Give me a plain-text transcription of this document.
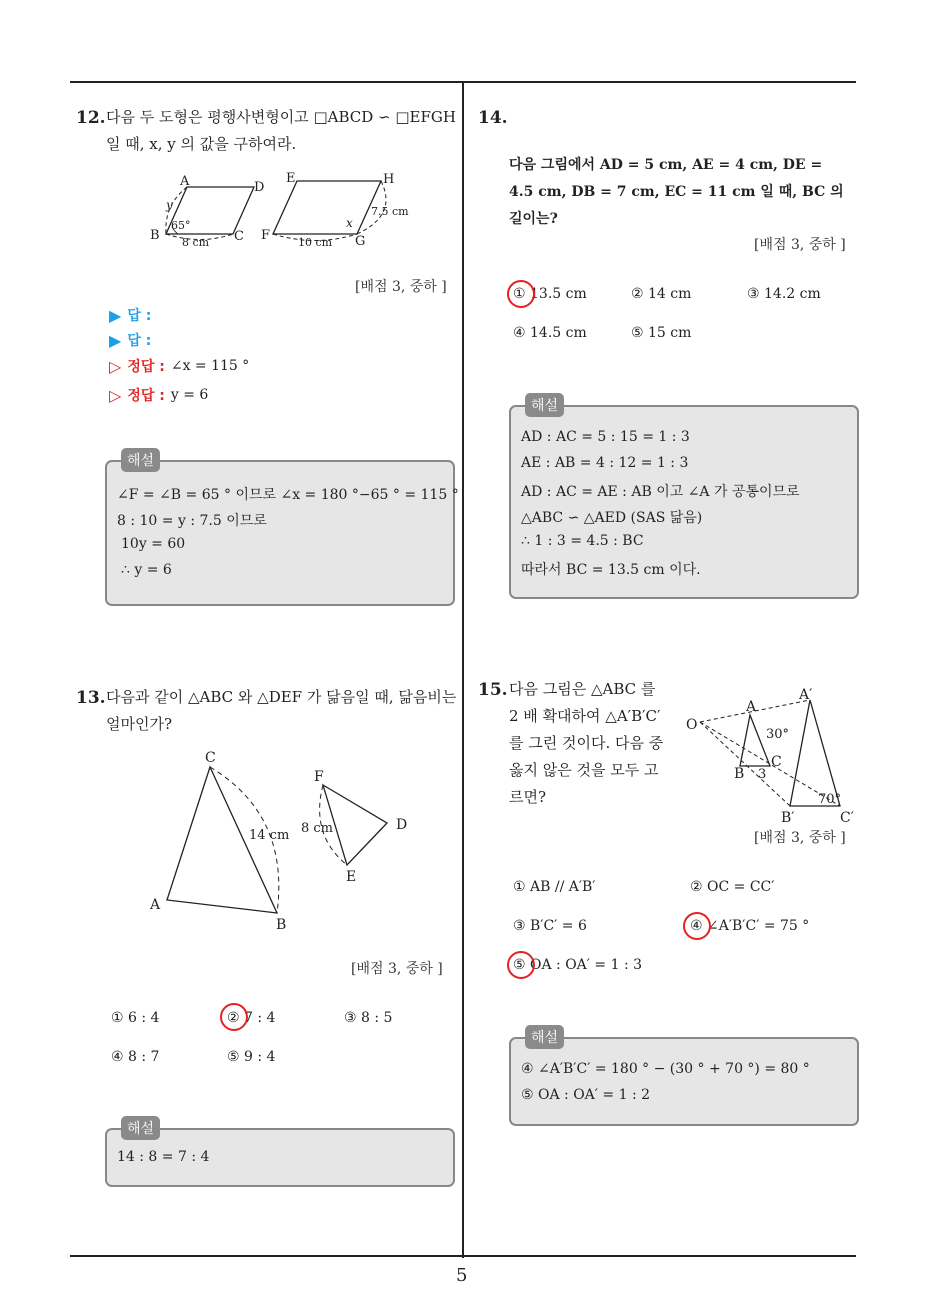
5
12. 다음 두 도형은 평행사변형이고 □ABCD ∽ □EFGH
일 때, x, y 의 값을 구하여라.
A	D
B	C
65°
y
8 cm
E	H
F	G
x
7.5 cm
10 cm
[배점 3, 중하 ]
▶ 답 :
▶ 답 :
▷ 정답 : ∠x = 115 °
▷ 정답 : y = 6
해설
∠F = ∠B = 65 ° 이므로 ∠x = 180 °−65 ° = 115 °
8 : 10 = y : 7.5 이므로
10y = 60
∴ y = 6
13. 다음과 같이 △ABC 와 △DEF 가 닮음일 때, 닮음비는
얼마인가?
C
A
B
14 cm
F
D
E
8 cm
[배점 3, 중하 ]
① 6 : 4	② 7 : 4	③ 8 : 5
④ 8 : 7	⑤ 9 : 4
해설
14 : 8 = 7 : 4
14.
다음 그림에서 AD = 5 cm, AE = 4 cm, DE =
4.5 cm, DB = 7 cm, EC = 11 cm 일 때, BC 의
길이는?
[배점 3, 중하 ]
① 13.5 cm	② 14 cm	③ 14.2 cm
④ 14.5 cm	⑤ 15 cm
해설
AD : AC = 5 : 15 = 1 : 3
AE : AB = 4 : 12 = 1 : 3
AD : AC = AE : AB 이고 ∠A 가 공통이므로
△ABC ∽ △AED (SAS 닮음)
∴ 1 : 3 = 4.5 : BC
따라서 BC = 13.5 cm 이다.
15. 다음 그림은 △ABC 를
2 배 확대하여 △A′B′C′
를 그린 것이다. 다음 중
옳지 않은 것을 모두 고
르면?
O
A
B
C
A′
B′	C′
30°
70°
3
[배점 3, 중하 ]
① AB // A′B′	② OC = CC′
③ B′C′ = 6	④ ∠A′B′C′ = 75 °
⑤ OA : OA′ = 1 : 3
해설
④ ∠A′B′C′ = 180 ° − (30 ° + 70 °) = 80 °
⑤ OA : OA′ = 1 : 2
